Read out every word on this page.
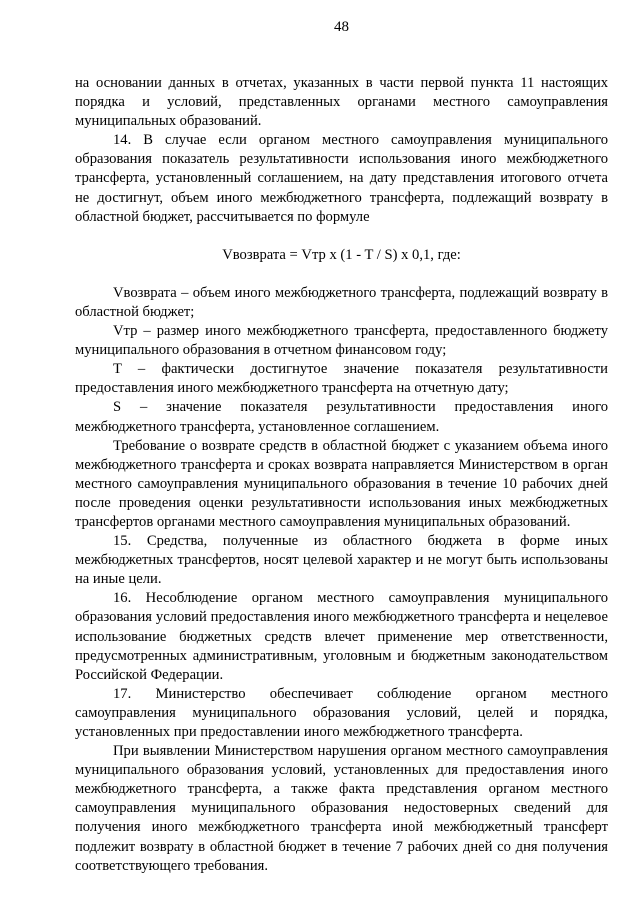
48

на основании данных в отчетах, указанных в части первой пункта 11 настоящих порядка и условий, представленных органами местного самоуправления муниципальных образований.

14. В случае если органом местного самоуправления муниципального образования показатель результативности использования иного межбюджетного трансферта, установленный соглашением, на дату представления итогового отчета не достигнут, объем иного межбюджетного трансферта, подлежащий возврату в областной бюджет, рассчитывается по формуле

Vвозврата = Vтр x (1 - T / S) x 0,1, где:

Vвозврата – объем иного межбюджетного трансферта, подлежащий возврату в областной бюджет;

Vтр – размер иного межбюджетного трансферта, предоставленного бюджету муниципального образования в отчетном финансовом году;

T – фактически достигнутое значение показателя результативности предоставления иного межбюджетного трансферта на отчетную дату;

S – значение показателя результативности предоставления иного межбюджетного трансферта, установленное соглашением.

Требование о возврате средств в областной бюджет с указанием объема иного межбюджетного трансферта и сроках возврата направляется Министерством в орган местного самоуправления муниципального образования в течение 10 рабочих дней после проведения оценки результативности использования иных межбюджетных трансфертов органами местного самоуправления муниципальных образований.

15. Средства, полученные из областного бюджета в форме иных межбюджетных трансфертов, носят целевой характер и не могут быть использованы на иные цели.

16. Несоблюдение органом местного самоуправления муниципального образования условий предоставления иного межбюджетного трансферта и нецелевое использование бюджетных средств влечет применение мер ответственности, предусмотренных административным, уголовным и бюджетным законодательством Российской Федерации.

17. Министерство обеспечивает соблюдение органом местного самоуправления муниципального образования условий, целей и порядка, установленных при предоставлении иного межбюджетного трансферта.

При выявлении Министерством нарушения органом местного самоуправления муниципального образования условий, установленных для предоставления иного межбюджетного трансферта, а также факта представления органом местного самоуправления муниципального образования недостоверных сведений для получения иного межбюджетного трансферта иной межбюджетный трансферт подлежит возврату в областной бюджет в течение 7 рабочих дней со дня получения соответствующего требования.
